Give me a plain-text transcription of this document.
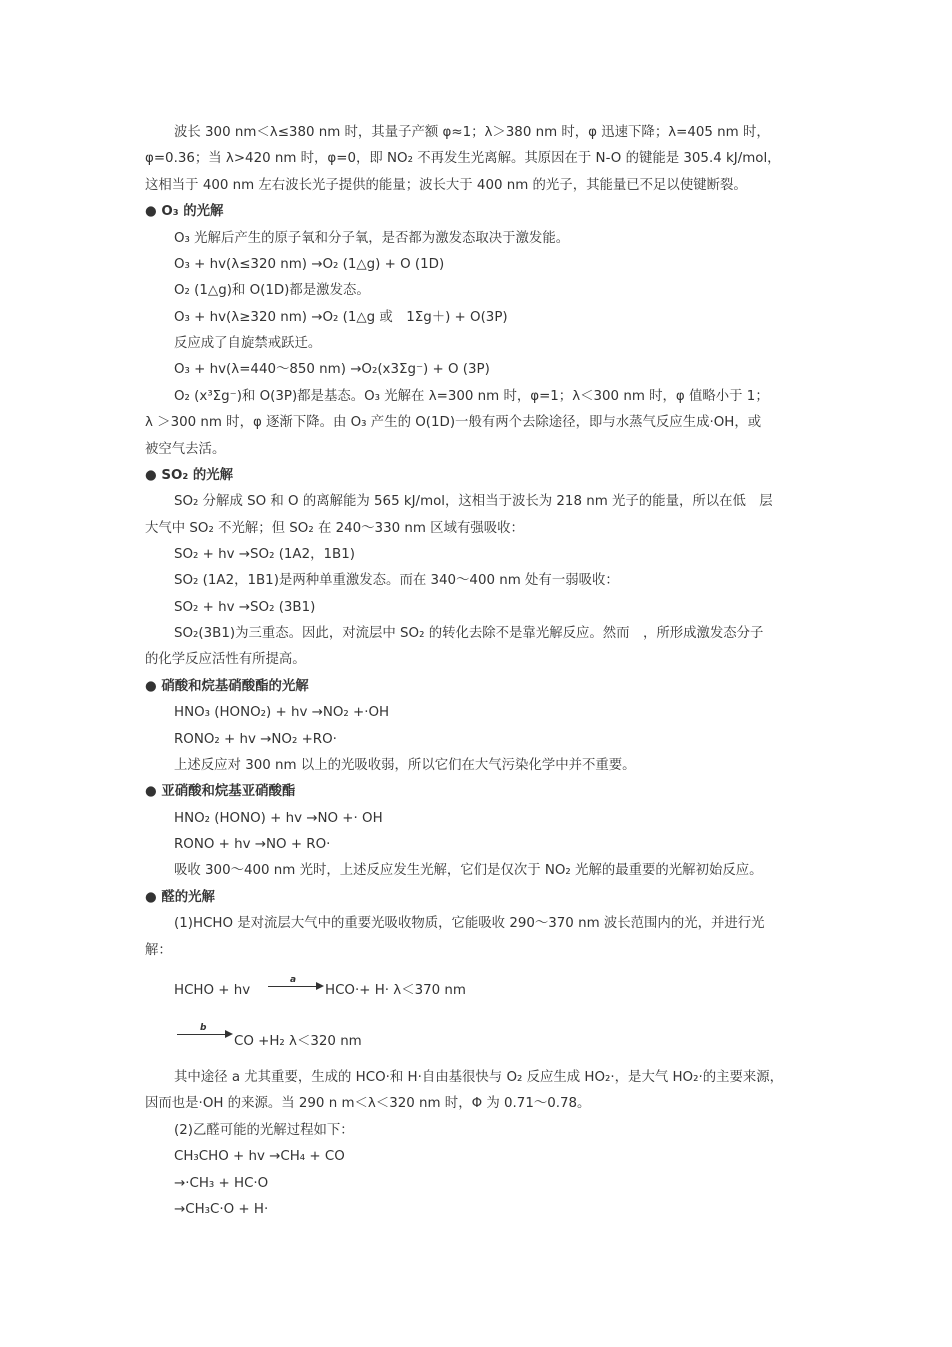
波长 300 nm＜λ≤380 nm 时，其量子产额 φ≈1；λ＞380 nm 时，φ 迅速下降；λ=405 nm 时，
φ=0.36；当 λ>420 nm 时，φ=0，即 NO₂ 不再发生光离解。其原因在于 N-O 的键能是 305.4 kJ/mol，
这相当于 400 nm 左右波长光子提供的能量；波长大于 400 nm 的光子，其能量已不足以使键断裂。
● O₃ 的光解
O₃ 光解后产生的原子氧和分子氧，是否都为激发态取决于激发能。
O₃ + hv(λ≤320 nm) →O₂ (1△g) + O (1D)
O₂ (1△g)和 O(1D)都是激发态。
O₃ + hv(λ≥320 nm) →O₂ (1△g 或　1Σg＋) + O(3P)
反应成了自旋禁戒跃迁。
O₃ + hv(λ=440～850 nm) →O₂(x3Σg⁻) + O (3P)
O₂ (x³Σg⁻)和 O(3P)都是基态。O₃ 光解在 λ=300 nm 时，φ=1；λ＜300 nm 时，φ 值略小于 1；
λ ＞300 nm 时，φ 逐渐下降。由 O₃ 产生的 O(1D)一般有两个去除途径，即与水蒸气反应生成·OH，或
被空气去活。
● SO₂ 的光解
SO₂ 分解成 SO 和 O 的离解能为 565 kJ/mol，这相当于波长为 218 nm 光子的能量，所以在低　层
大气中 SO₂ 不光解；但 SO₂ 在 240～330 nm 区域有强吸收：
SO₂ + hv →SO₂ (1A2，1B1)
SO₂ (1A2，1B1)是两种单重激发态。而在 340～400 nm 处有一弱吸收：
SO₂ + hv →SO₂ (3B1)
SO₂(3B1)为三重态。因此，对流层中 SO₂ 的转化去除不是靠光解反应。然而　，所形成激发态分子
的化学反应活性有所提高。
● 硝酸和烷基硝酸酯的光解
HNO₃ (HONO₂) + hv →NO₂ +·OH
RONO₂ + hv →NO₂ +RO·
上述反应对 300 nm 以上的光吸收弱，所以它们在大气污染化学中并不重要。
● 亚硝酸和烷基亚硝酸酯
HNO₂ (HONO) + hv →NO +· OH
RONO + hv →NO + RO·
吸收 300～400 nm 光时，上述反应发生光解，它们是仅次于 NO₂ 光解的最重要的光解初始反应。
● 醛的光解
(1)HCHO 是对流层大气中的重要光吸收物质，它能吸收 290～370 nm 波长范围内的光，并进行光
解：
HCHO + hv
a
HCO·+ H· λ＜370 nm
b
CO +H₂ λ＜320 nm
其中途径 a 尤其重要，生成的 HCO·和 H·自由基很快与 O₂ 反应生成 HO₂·，是大气 HO₂·的主要来源，
因而也是·OH 的来源。当 290 n m＜λ＜320 nm 时，Φ 为 0.71～0.78。
(2)乙醛可能的光解过程如下：
CH₃CHO + hv →CH₄ + CO
→·CH₃ + HC·O
→CH₃C·O + H·
